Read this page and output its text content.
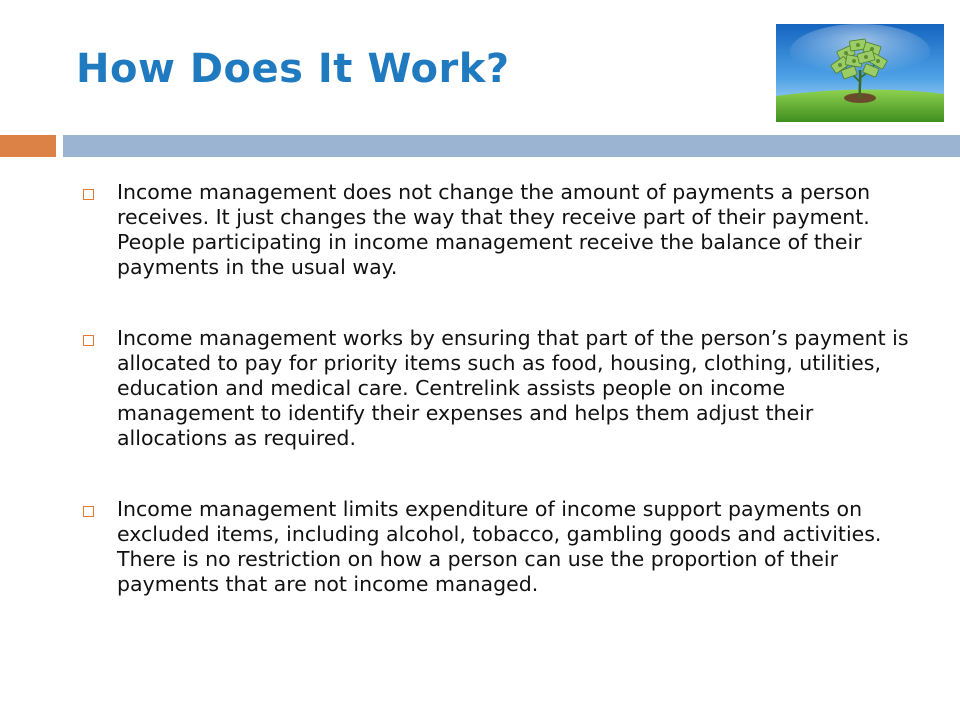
How Does It Work?
Income management does not change the amount of payments a person receives. It just changes the way that they receive part of their payment. People participating in income management receive the balance of their payments in the usual way.
Income management works by ensuring that part of the person’s payment is allocated to pay for priority items such as food, housing, clothing, utilities, education and medical care. Centrelink assists people on income management to identify their expenses and helps them adjust their allocations as required.
Income management limits expenditure of income support payments on excluded items, including alcohol, tobacco, gambling goods and activities. There is no restriction on how a person can use the proportion of their payments that are not income managed.
